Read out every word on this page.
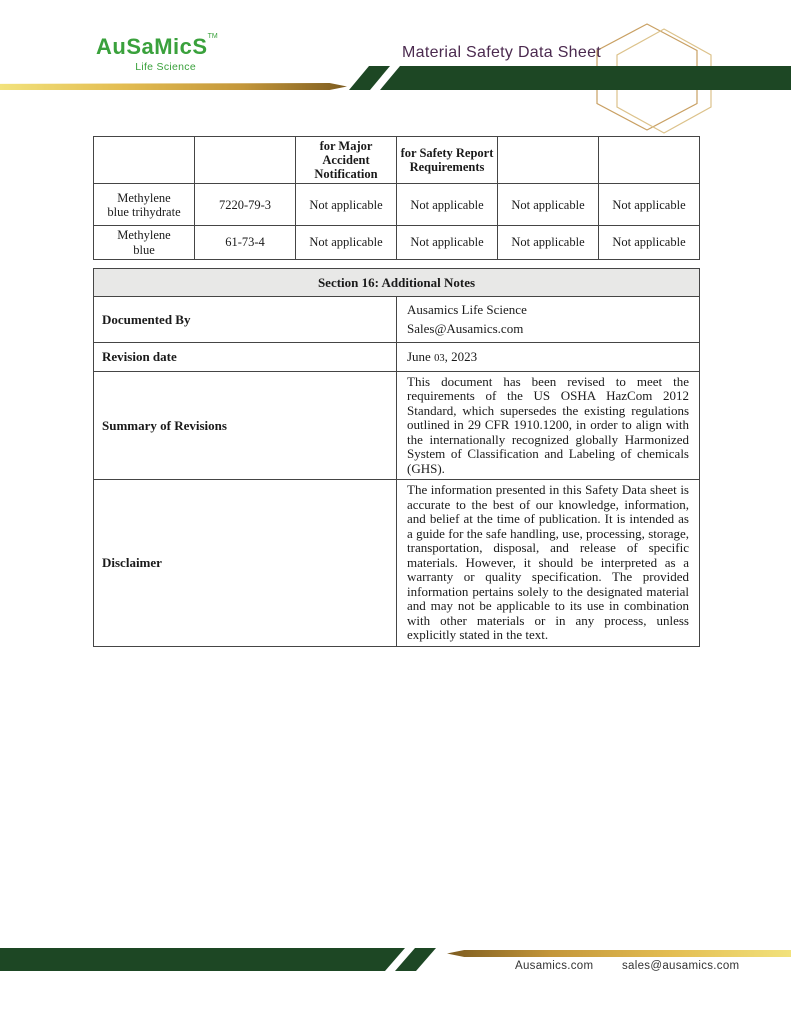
AuSaMicS™
Life Science
Material Safety Data Sheet
		for Major Accident Notification	for Safety Report Requirements		
Methylene blue trihydrate	7220-79-3	Not applicable	Not applicable	Not applicable	Not applicable
Methylene blue	61-73-4	Not applicable	Not applicable	Not applicable	Not applicable
Section 16: Additional Notes	
Documented By	Ausamics Life Science
Sales@Ausamics.com

Revision date	June 03, 2023
Summary of Revisions	This document has been revised to meet the requirements of the US OSHA HazCom 2012 Standard, which supersedes the existing regulations outlined in 29 CFR 1910.1200, in order to align with the internationally recognized globally Harmonized System of Classification and Labeling of chemicals (GHS).
Disclaimer	The information presented in this Safety Data sheet is accurate to the best of our knowledge, information, and belief at the time of publication. It is intended as a guide for the safe handling, use, processing, storage, transportation, disposal, and release of specific materials. However, it should be interpreted as a warranty or quality specification. The provided information pertains solely to the designated material and may not be applicable to its use in combination with other materials or in any process, unless explicitly stated in the text.
Ausamics.com sales@ausamics.com
